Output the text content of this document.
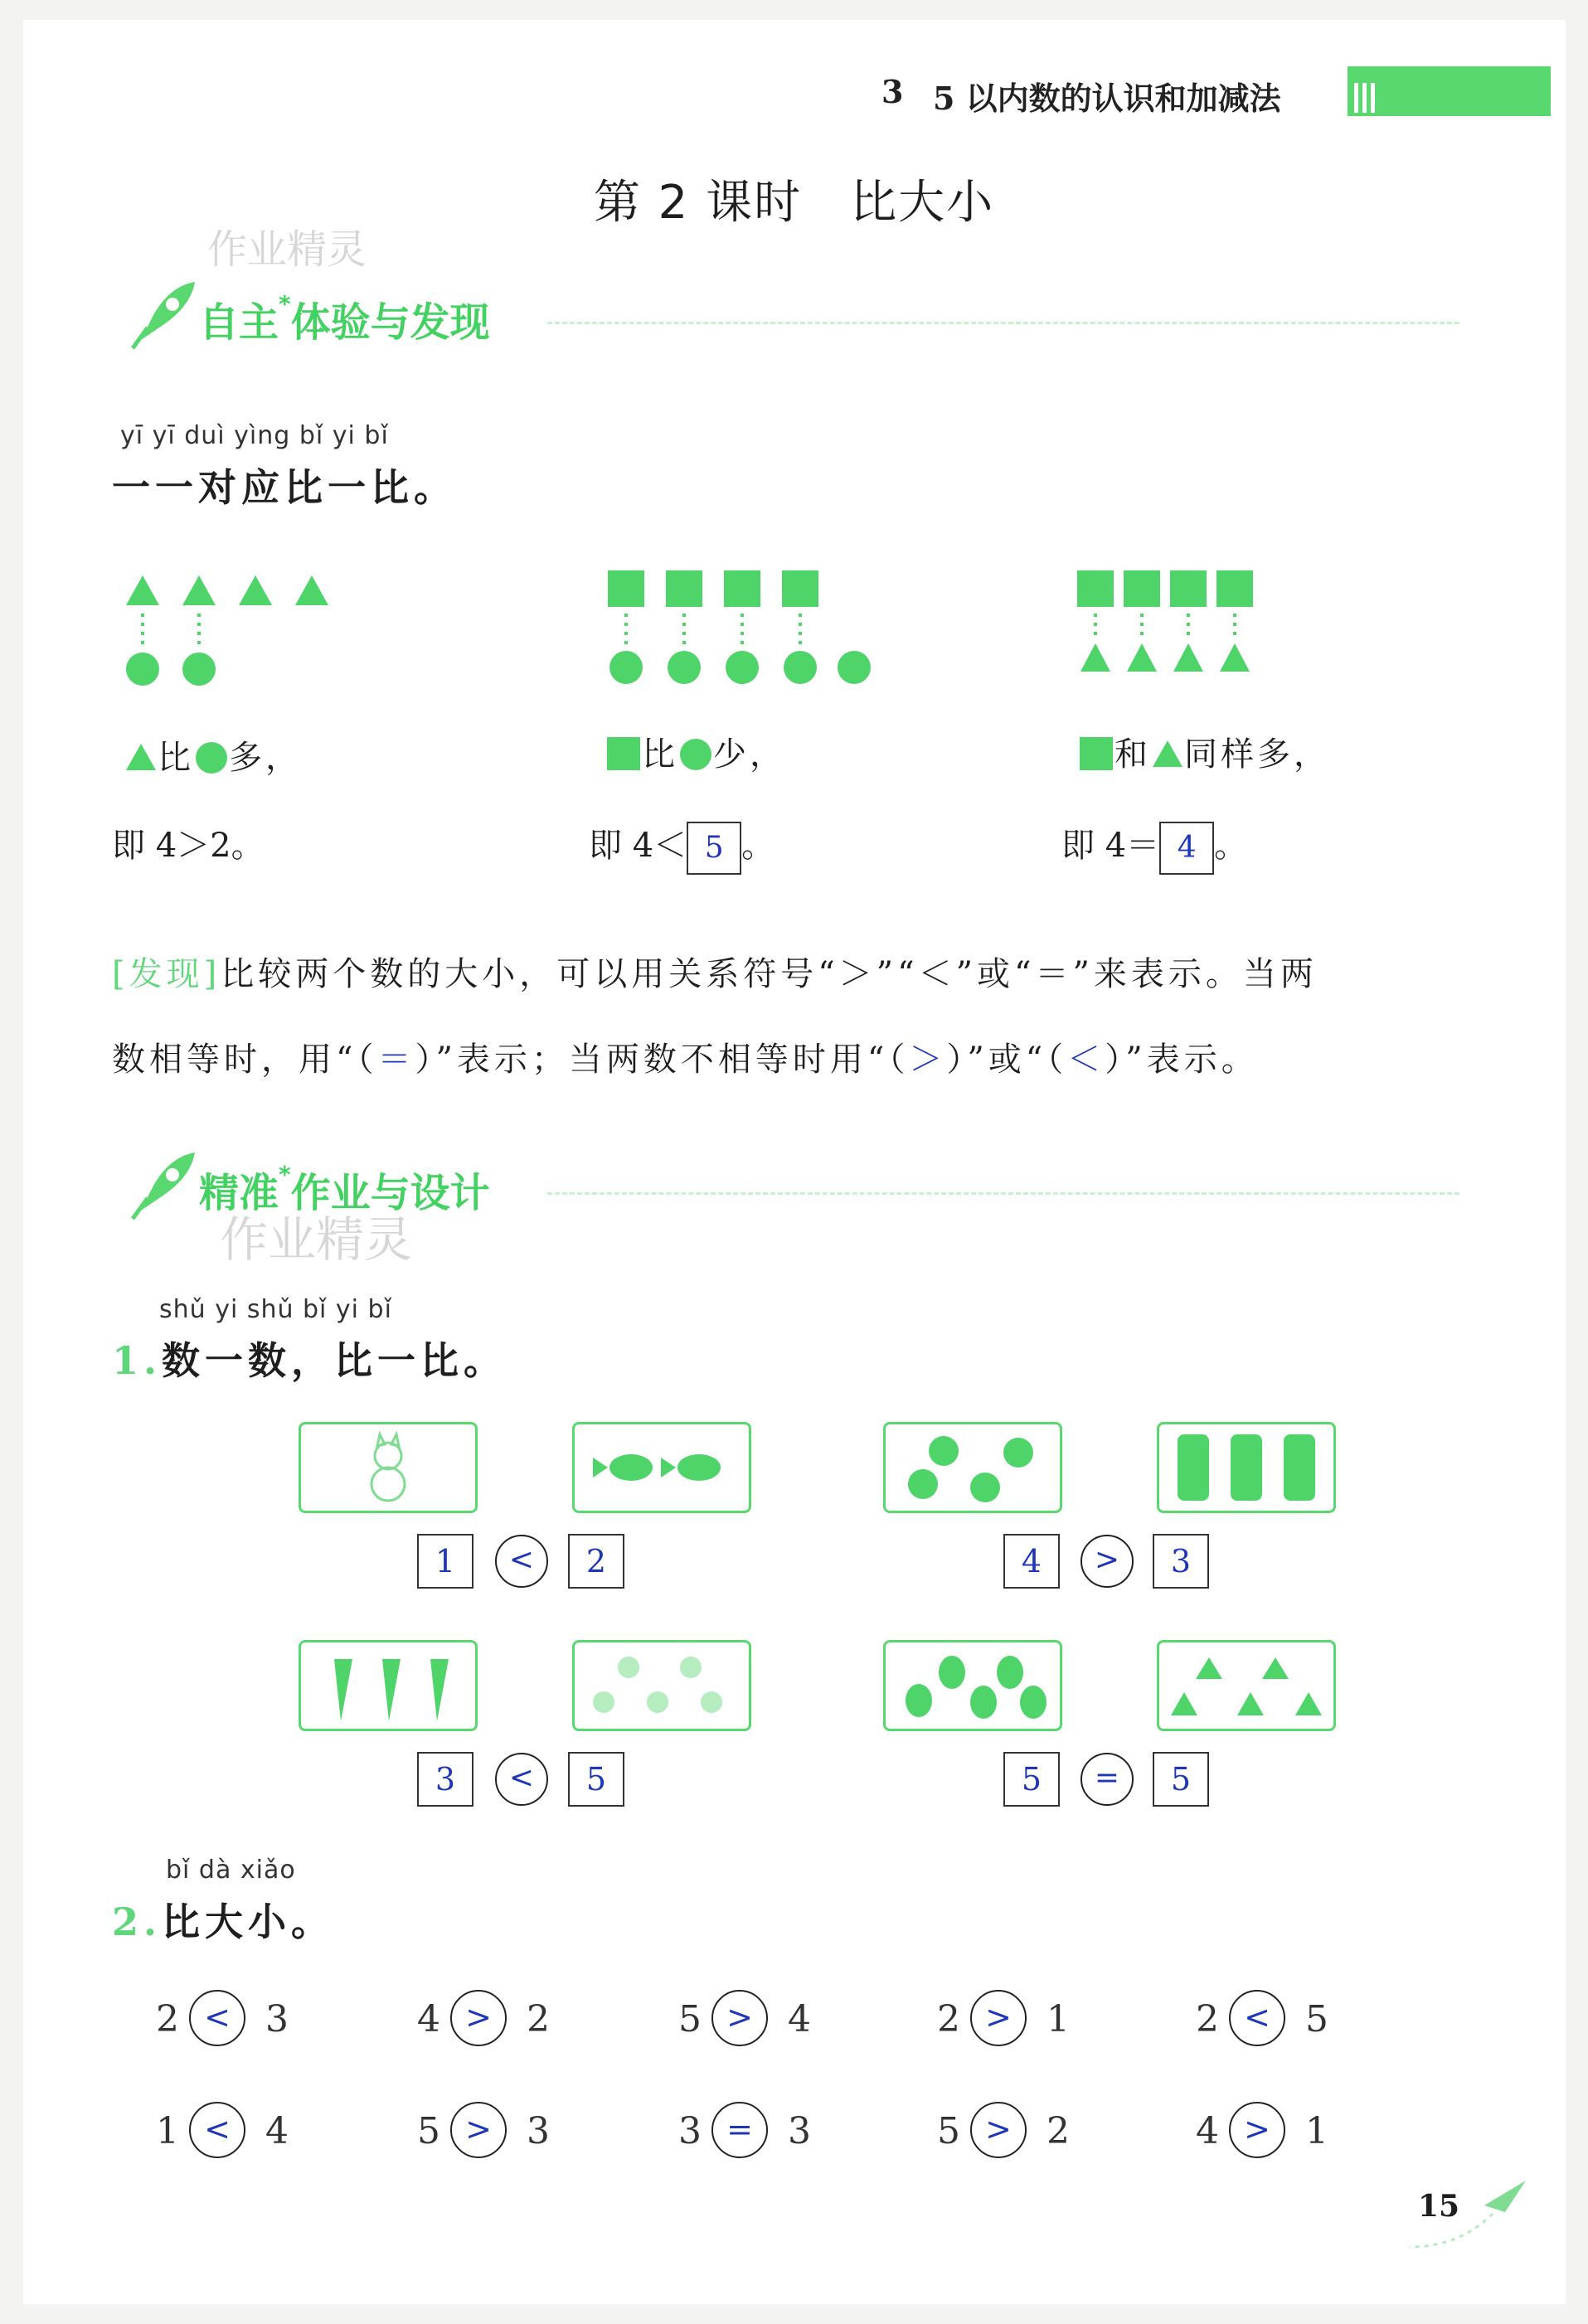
3 5 以内数的认识和加减法
第 2 课时　比大小
作业精灵
自主*体验与发现
yī yī duì yìng bǐ yi bǐ
一一对应比一比。
比 多，	比 少，	和 同样多，
即 4＞2。	即 4＜ 5 。	即 4＝ 4 。
[发现]比较两个数的大小，可以用关系符号“＞”“＜”或“＝”来表示。当两
数相等时，用“（＝）”表示；当两数不相等时用“（＞）”或“（＜）”表示。
精准*作业与设计
作业精灵
shǔ yi shǔ bǐ yi bǐ
1.数一数，比一比。
1	<	2	4	>	3
3	<	5	5	=	5
bǐ dà xiǎo
2.比大小。
2 < 3	4 > 2	5 > 4	2 > 1	2 < 5
1 < 4	5 > 3	3 = 3	5 > 2	4 > 1
15
